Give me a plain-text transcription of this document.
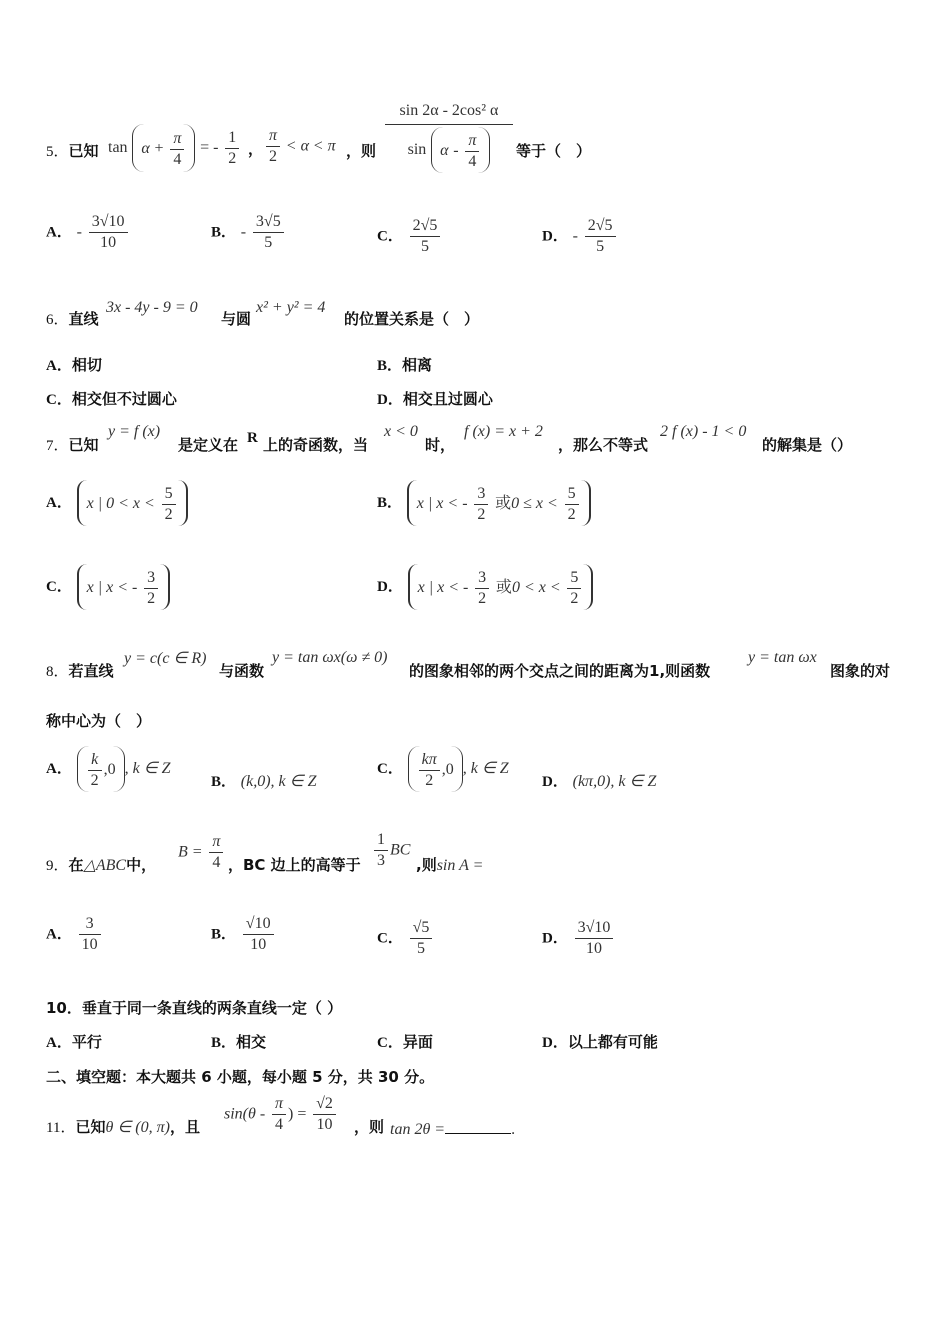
5．已知 $\tan \alpha + \frac{\pi}{4}$ = - $\frac{1}{2}$ ， $\frac{\pi}{2} < \alpha < \pi$ ，则
sin 2α - 2cos² α
sin α - $\frac{\pi}{4}$ 等于（　）
A． - $\frac{3√10}{10}$	B． - $\frac{3√5}{5}$	C． $\frac{2√5}{5}$	D． - $\frac{2√5}{5}$
6．直线
3x - 4y - 9 = 0
与圆
x² + y² = 4
的位置关系是（　）
A．相切	B．相离
C．相交但不过圆心	D．相交且过圆心
7．已知
y = f (x)
是定义在 R 上的奇函数，当
x < 0
时，
f (x) = x + 2
，那么不等式
2 f (x) - 1 < 0
的解集是（）
A． x | $0 < x < \frac{5}{2}$	B． x | x < - $\frac{3}{2}$ 或$0 \le x < \frac{5}{2}$
C． x | x < - $\frac{3}{2}$	D． x | x < - $\frac{3}{2}$ 或$0 < x < \frac{5}{2}$
8．若直线
y = c(c ∈ R)
与函数
y = tan ωx(ω ≠ 0)
的图象相邻的两个交点之间的距离为1,则函数
y = tan ωx
图象的对
称中心为（　）
A． $\frac{k}{2} ,0$ , k ∈ Z
B． (k,0), k ∈ Z
C． $\frac{k\pi}{2} ,0$ , k ∈ Z
D． (kπ,0), k ∈ Z
9．在△ABC中，
$B = \frac{\pi}{4}$ ，BC 边上的高等于 $\frac{1}{3}$ BC
,则sin A =
A． $\frac{3}{10}$	B． $\frac{√10}{10}$	C． $\frac{√5}{5}$	D． $\frac{3√10}{10}$
10．垂直于同一条直线的两条直线一定（ ）
A．平行	B．相交	C．异面	D．以上都有可能
二、填空题：本大题共 6 小题，每小题 5 分，共 30 分。
11．已知θ ∈ (0, π)，且
$\sin(\theta - \frac{\pi}{4}$ ) = $\frac{√2}{10}$ ，则 tan 2θ =	.
